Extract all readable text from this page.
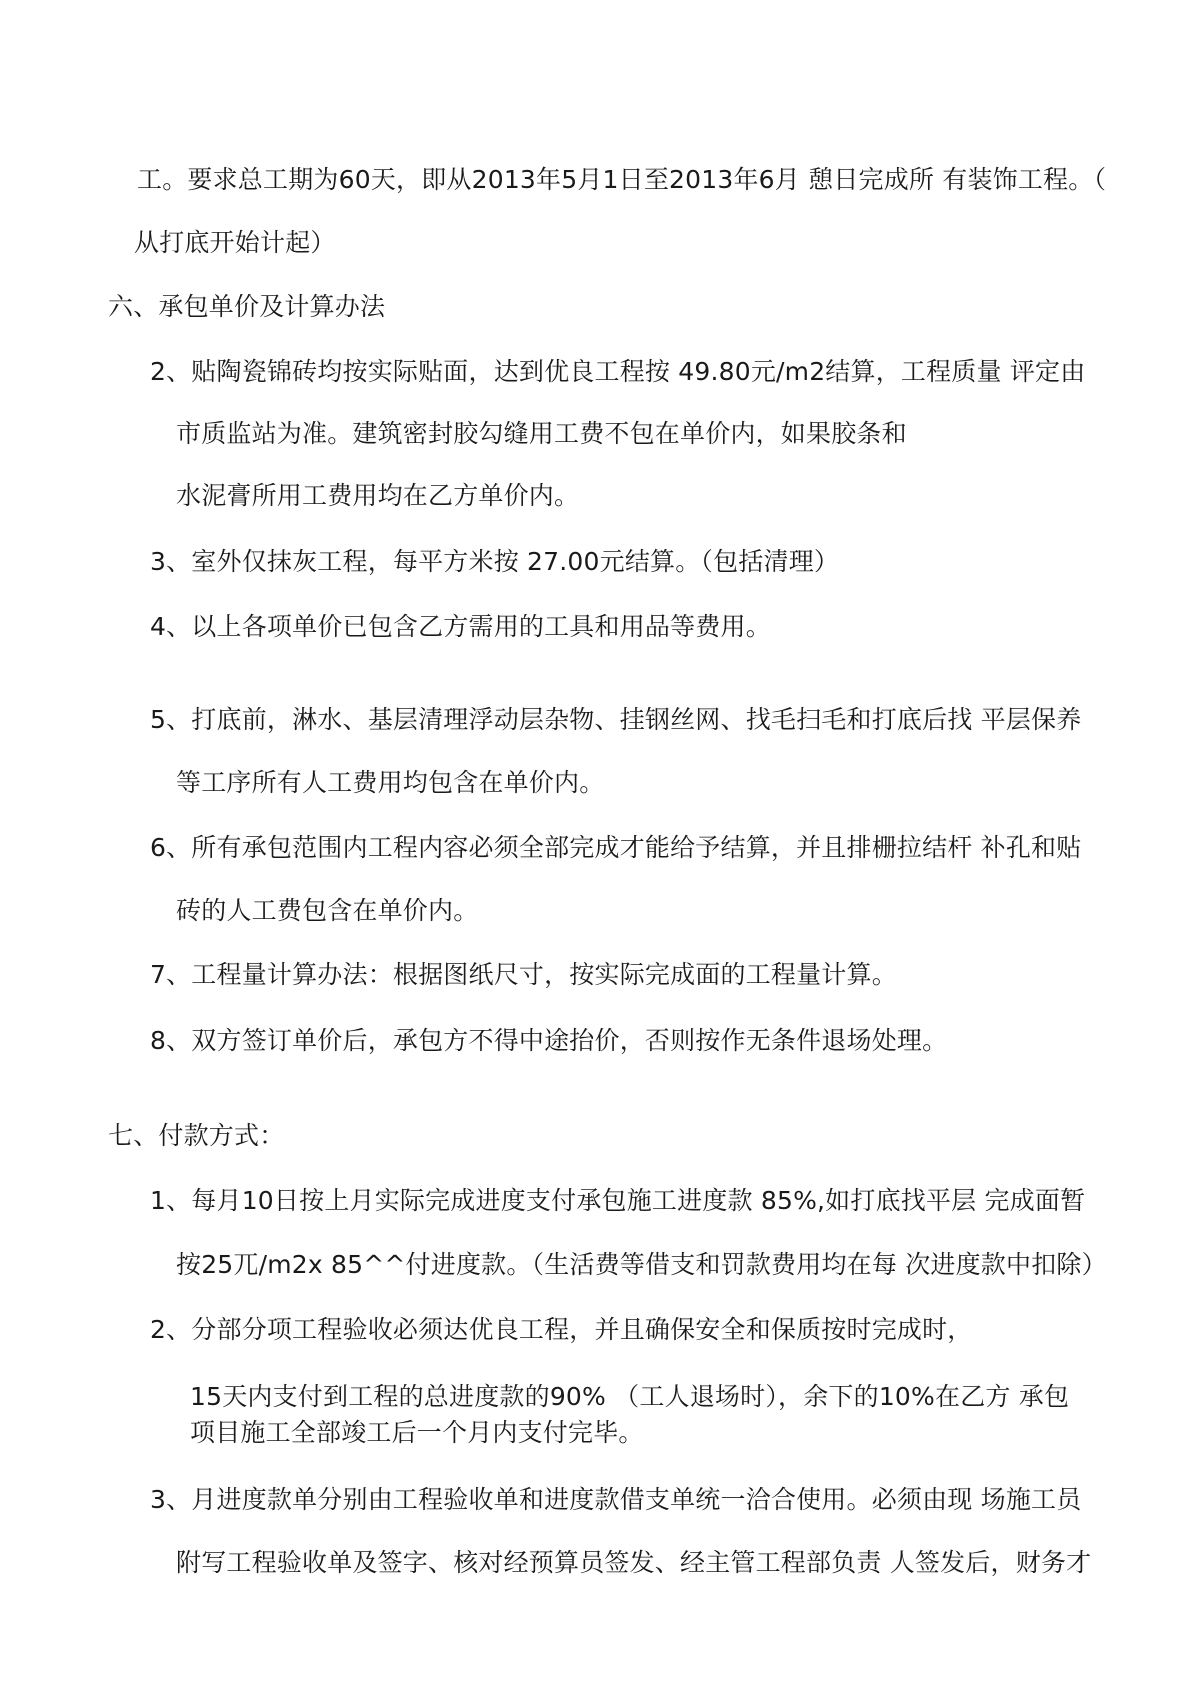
工。要求总工期为60天，即从2013年5月1日至2013年6月 憩日完成所 有装饰工程。（
从打底开始计起）
六、承包单价及计算办法
2、贴陶瓷锦砖均按实际贴面，达到优良工程按 49.80元/m2结算，工程质量 评定由
市质监站为准。建筑密封胶勾缝用工费不包在单价内，如果胶条和
水泥膏所用工费用均在乙方单价内。
3、室外仅抹灰工程，每平方米按 27.00元结算。（包括清理）
4、以上各项单价已包含乙方需用的工具和用品等费用。
5、打底前，淋水、基层清理浮动层杂物、挂钢丝网、找毛扫毛和打底后找 平层保养
等工序所有人工费用均包含在单价内。
6、所有承包范围内工程内容必须全部完成才能给予结算，并且排栅拉结杆 补孔和贴
砖的人工费包含在单价内。
7、工程量计算办法：根据图纸尺寸，按实际完成面的工程量计算。
8、双方签订单价后，承包方不得中途抬价，否则按作无条件退场处理。
七、付款方式：
1、每月10日按上月实际完成进度支付承包施工进度款 85%,如打底找平层 完成面暂
按25兀/m2x 85^^付进度款。（生活费等借支和罚款费用均在每 次进度款中扣除）
2、分部分项工程验收必须达优良工程，并且确保安全和保质按时完成时，
15天内支付到工程的总进度款的90% （工人退场时），余下的10%在乙方 承包
项目施工全部竣工后一个月内支付完毕。
3、月进度款单分别由工程验收单和进度款借支单统一洽合使用。必须由现 场施工员
附写工程验收单及签字、核对经预算员签发、经主管工程部负责 人签发后，财务才
